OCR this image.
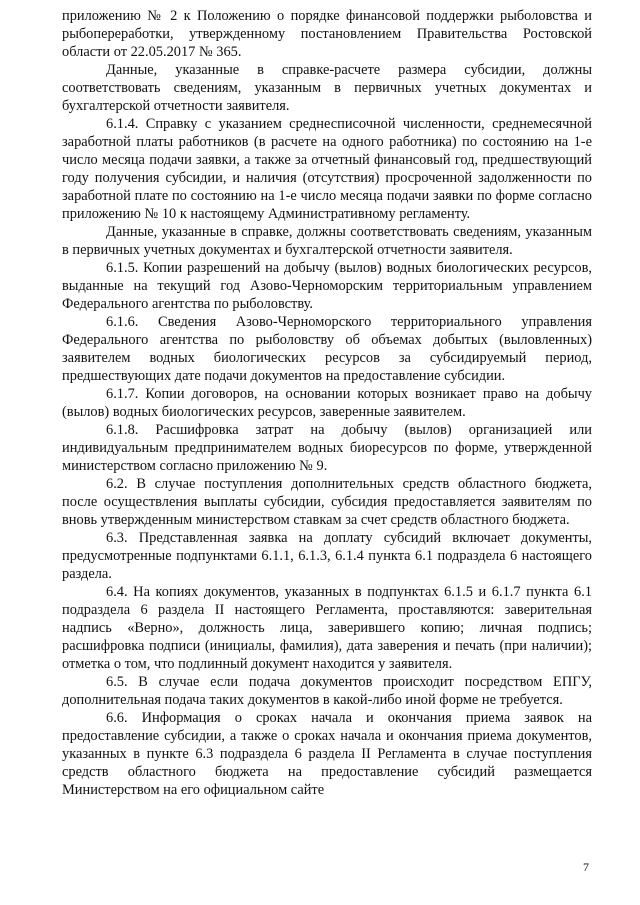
приложению № 2 к Положению о порядке финансовой поддержки рыболовства и рыбопереработки, утвержденному постановлением Правительства Ростовской области от 22.05.2017 № 365.

Данные, указанные в справке-расчете размера субсидии, должны соответствовать сведениям, указанным в первичных учетных документах и бухгалтерской отчетности заявителя.

6.1.4. Справку с указанием среднесписочной численности, среднемесячной заработной платы работников (в расчете на одного работника) по состоянию на 1-е число месяца подачи заявки, а также за отчетный финансовый год, предшествующий году получения субсидии, и наличия (отсутствия) просроченной задолженности по заработной плате по состоянию на 1-е число месяца подачи заявки по форме согласно приложению № 10 к настоящему Административному регламенту.

Данные, указанные в справке, должны соответствовать сведениям, указанным в первичных учетных документах и бухгалтерской отчетности заявителя.

6.1.5. Копии разрешений на добычу (вылов) водных биологических ресурсов, выданные на текущий год Азово-Черноморским территориальным управлением Федерального агентства по рыболовству.

6.1.6. Сведения Азово-Черноморского территориального управления Федерального агентства по рыболовству об объемах добытых (выловленных) заявителем водных биологических ресурсов за субсидируемый период, предшествующих дате подачи документов на предоставление субсидии.

6.1.7. Копии договоров, на основании которых возникает право на добычу (вылов) водных биологических ресурсов, заверенные заявителем.

6.1.8. Расшифровка затрат на добычу (вылов) организацией или индивидуальным предпринимателем водных биоресурсов по форме, утвержденной министерством согласно приложению № 9.

6.2. В случае поступления дополнительных средств областного бюджета, после осуществления выплаты субсидии, субсидия предоставляется заявителям по вновь утвержденным министерством ставкам за счет средств областного бюджета.

6.3. Представленная заявка на доплату субсидий включает документы, предусмотренные подпунктами 6.1.1, 6.1.3, 6.1.4 пункта 6.1 подраздела 6 настоящего раздела.

6.4. На копиях документов, указанных в подпунктах 6.1.5 и 6.1.7 пункта 6.1 подраздела 6 раздела II настоящего Регламента, проставляются: заверительная надпись «Верно», должность лица, заверившего копию; личная подпись; расшифровка подписи (инициалы, фамилия), дата заверения и печать (при наличии); отметка о том, что подлинный документ находится у заявителя.

6.5. В случае если подача документов происходит посредством ЕПГУ, дополнительная подача таких документов в какой-либо иной форме не требуется.

6.6. Информация о сроках начала и окончания приема заявок на предоставление субсидии, а также о сроках начала и окончания приема документов, указанных в пункте 6.3 подраздела 6 раздела II Регламента в случае поступления средств областного бюджета на предоставление субсидий размещается Министерством на его официальном сайте

7
